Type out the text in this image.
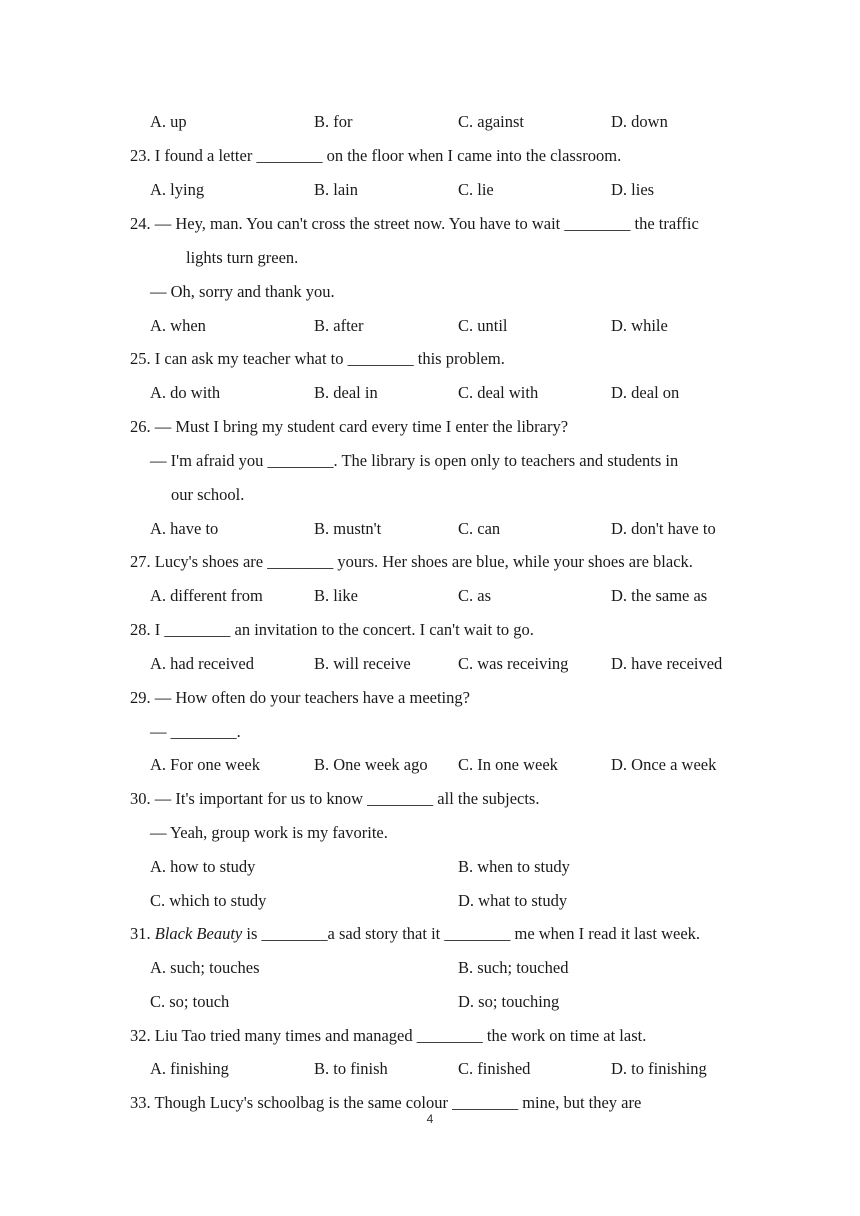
A. up	B. for	C. against	D. down
23. I found a letter ________ on the floor when I came into the classroom.
A. lying	B. lain	C. lie	D. lies
24. — Hey, man. You can't cross the street now. You have to wait ________ the traffic
lights turn green.
— Oh, sorry and thank you.
A. when	B. after	C. until	D. while
25. I can ask my teacher what to ________ this problem.
A. do with	B. deal in	C. deal with	D. deal on
26. — Must I bring my student card every time I enter the library?
— I'm afraid you ________. The library is open only to teachers and students in
our school.
A. have to	B. mustn't	C. can	D. don't have to
27. Lucy's shoes are ________ yours. Her shoes are blue, while your shoes are black.
A. different from	B. like	C. as	D. the same as
28. I ________ an invitation to the concert. I can't wait to go.
A. had received	B. will receive	C. was receiving	D. have received
29. — How often do your teachers have a meeting?
— ________.
A. For one week	B. One week ago C. In one week	D. Once a week
30. — It's important for us to know ________ all the subjects.
— Yeah, group work is my favorite.
A. how to study	B. when to study
C. which to study	D. what to study
31. Black Beauty is ________a sad story that it ________ me when I read it last week.
A. such; touches	B. such; touched
C. so; touch	D. so; touching
32. Liu Tao tried many times and managed ________ the work on time at last.
A. finishing	B. to finish	C. finished	D. to finishing
33. Though Lucy's schoolbag is the same colour ________ mine, but they are
4
